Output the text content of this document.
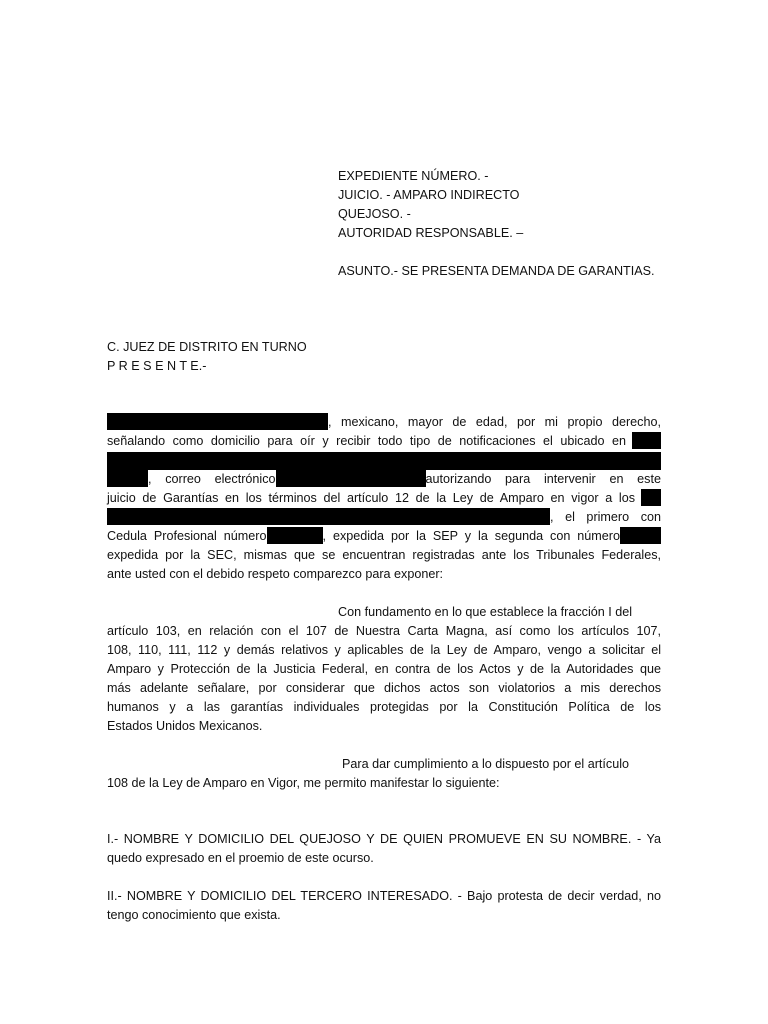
EXPEDIENTE NÚMERO. -
JUICIO. - AMPARO INDIRECTO
QUEJOSO. -
AUTORIDAD RESPONSABLE. –
ASUNTO.- SE PRESENTA DEMANDA DE GARANTIAS.
C. JUEZ DE DISTRITO EN TURNO
P R E S E N T E.-
, mexicano, mayor de edad, por mi propio derecho,
señalando como domicilio para oír y recibir todo tipo de notificaciones el ubicado en
, correo electrónico	autorizando para intervenir en este
juicio de Garantías en los términos del artículo 12 de la Ley de Amparo en vigor a los
, el primero con
Cedula Profesional número	, expedida por la SEP y la segunda con número
expedida por la SEC, mismas que se encuentran registradas ante los Tribunales Federales,
ante usted con el debido respeto comparezco para exponer:
Con fundamento en lo que establece la fracción I del
artículo 103, en relación con el 107 de Nuestra Carta Magna, así como los artículos 107,
108, 110, 111, 112 y demás relativos y aplicables de la Ley de Amparo, vengo a solicitar el
Amparo y Protección de la Justicia Federal, en contra de los Actos y de la Autoridades que
más adelante señalare, por considerar que dichos actos son violatorios a mis derechos
humanos y a las garantías individuales protegidas por la Constitución Política de los
Estados Unidos Mexicanos.
Para dar cumplimiento a lo dispuesto por el artículo
108 de la Ley de Amparo en Vigor, me permito manifestar lo siguiente:
I.- NOMBRE Y DOMICILIO DEL QUEJOSO Y DE QUIEN PROMUEVE EN SU NOMBRE. - Ya
quedo expresado en el proemio de este ocurso.
II.- NOMBRE Y DOMICILIO DEL TERCERO INTERESADO. - Bajo protesta de decir verdad, no
tengo conocimiento que exista.
